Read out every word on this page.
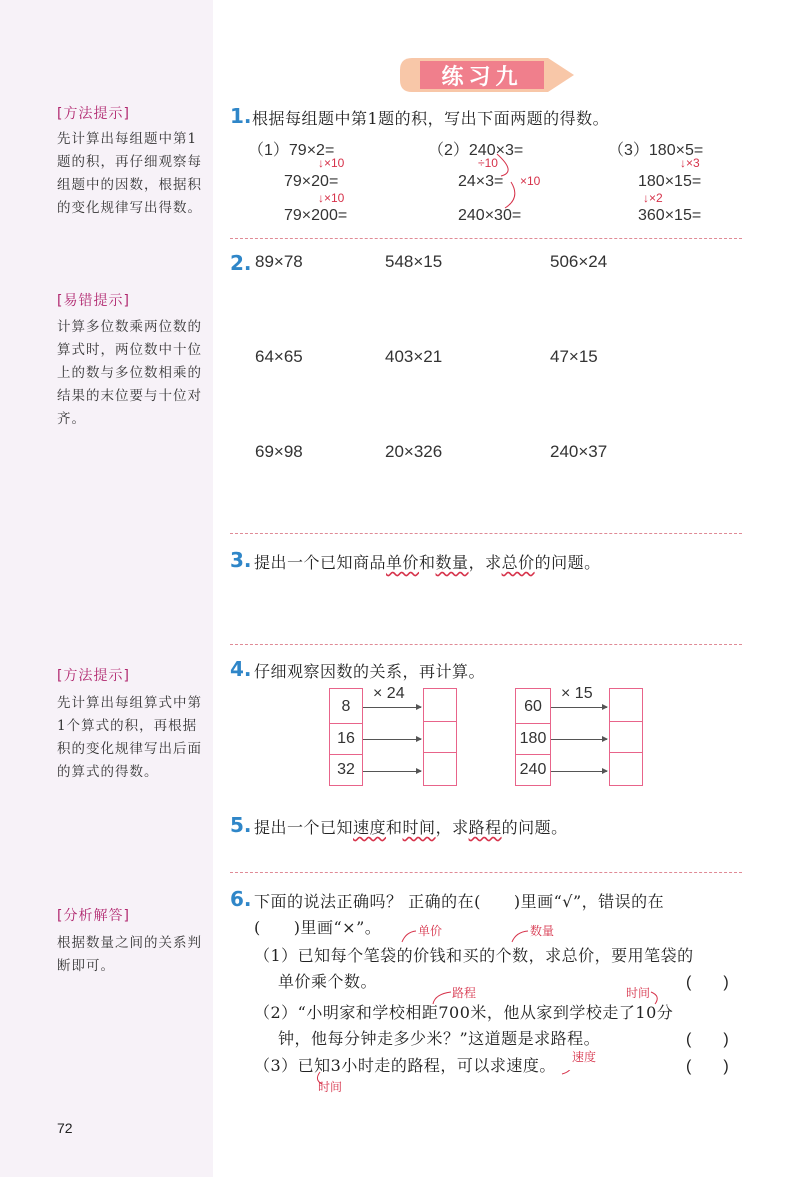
[方法提示]
先计算出每组题中第1题的积，再仔细观察每组题中的因数，根据积的变化规律写出得数。
[易错提示]
计算多位数乘两位数的算式时，两位数中十位上的数与多位数相乘的结果的末位要与十位对齐。
[方法提示]
先计算出每组算式中第1个算式的积，再根据积的变化规律写出后面的算式的得数。
[分析解答]
根据数量之间的关系判断即可。
练习九
1. 根据每组题中第1题的积，写出下面两题的得数。
（1）79×2=
↓×10
79×20=
↓×10
79×200=
（2）240×3=
÷10
24×3= ×10
240×30=
（3）180×5=
↓×3
180×15=
↓×2
360×15=
2. 89×78	548×15	506×24
64×65	403×21	47×15
69×98	20×326	240×37
3. 提出一个已知商品单价和数量，求总价的问题。
4. 仔细观察因数的关系，再计算。
8
16
32
× 24
60
180
240
× 15
5. 提出一个已知速度和时间，求路程的问题。
6. 下面的说法正确吗？ 正确的在(　　)里画“√”，错误的在
(　　)里画“×”。	单价	数量
（1）已知每个笔袋的价钱和买的个数，求总价，要用笔袋的
单价乘个数。	(　　)
路程	时间
（2）“小明家和学校相距700米，他从家到学校走了10分
钟，他每分钟走多少米？”这道题是求路程。	(　　)
（3）已知3小时走的路程，可以求速度。	(　　)
速度
时间
72
